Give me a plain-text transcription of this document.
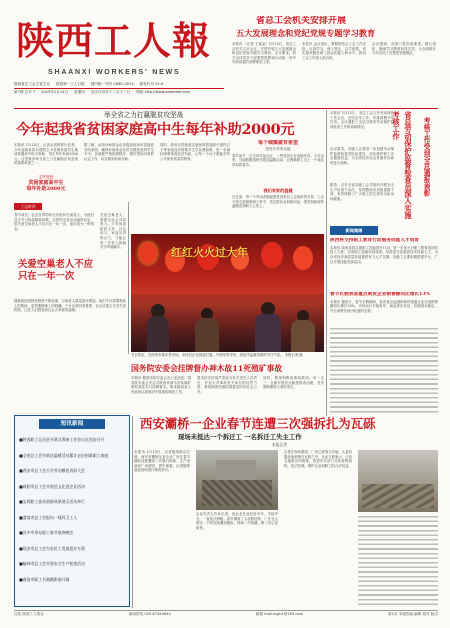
陕西工人報
SHAANXI WORKERS' NEWS
陕西省总工会主管主办 陕西第一工人日报 国内统一刊号 CN61-0015 邮发代号 51-6
第7期 总号 7 2019年2月14日 星期四 农历戊戌年十二月十二日 网址 http://www.sxworker.com
省总工会机关安排开展
五大发展理念和党纪党规专题学习教育
本报讯 （记者 王某某）2月13日，省总工会机关召开会议，安排开展五大发展理念和党纪党规专题学习教育。会议要求，机关全体党员干部要把思想和行动统一到中央和省委的部署要求上来。
本报讯 会议指出，要紧密结合工会工作实际，认真学习，深入领会，以学促做，切实提高服务职工群众的能力和水平，推动工会工作再上新台阶。
会议强调，各部门要高度重视，精心组织，确保学习教育取得实效，为全面做好今年各项工作提供坚强保证。
举全省之力打赢脱贫攻坚战
今年起我省贫困家庭高中生每年补助2000元
本报讯 2月13日，记者从省教育厅获悉，今年起我省将对建档立卡贫困家庭学生就读普通高中给予资助，每生每年补助2000元。这是我省举全省之力打赢脱贫攻坚战的重要举措之一。
文件链接
贫困家庭高中生
每年补助2000元
据了解，此项补助资金由省级财政和市县财政共同承担，确保补助资金及时足额发放到学生手中。各地要严格按照程序，做好资助对象的认定工作，切实做到应助尽助。
同时，我省还将继续实施免除普通高中建档立卡等家庭经济困难学生学杂费政策，进一步减轻困难家庭经济负担，让每一个孩子都能享有公平而有质量的教育。
每个城镇就有希望
感受年货的乐趣
春节前夕，在宝鸡市某社区，一些居民正在选购年货。今年以来，当地积极组织开展送温暖活动，让困难职工过上一个欢乐祥和的春节。
我们有家的温暖
在这里，每一个劳动者都能感受到来自工会组织的关怀。工会干部走进困难职工家中，送去慰问金和慰问品，把党和政府的温暖送到职工心坎上。
本报讯 2月12日，省总工会召开劳动保护工作会议，总结去年工作，安排部署今年任务。会议通报了全总对我省劳动保护监督检查工作的表彰情况。
会议要求，各级工会要进一步加强劳动保护监督检查员队伍建设，切实维护职工安全健康权益，为全省经济社会发展作出新的更大贡献。
据悉，去年全省各级工会共组织开展安全生产检查千余次，发现整改各类隐患数千项，有效保障了广大职工的生命安全和身体健康。	省总劳动保护监督检查员深入实施考核工作	考核工作受到全总通报表彰
工运时评
春节前后，社会各界纷纷走访慰问空巢老人，为他们送去节日的温暖和问候。这样的关爱活动值得肯定，但关爱空巢老人不应只在一年一次，而应成为一种常态。
关爱空巢老人不应只在一年一次
随着我国老龄化程度不断加深，空巢老人数量逐年增加。他们不仅需要物质上的帮助，更需要精神上的慰藉。子女应常回家看看，社区应建立长效关爱机制，让老人们感受到社会大家庭的温暖。
关爱空巢老人，需要全社会共同努力。只有形成政府主导、社会参与、家庭尽责的合力，才能让每一位老人都能安享幸福晚年。	红红火火过大年
节日将至，在西安市某年货市场，市民们正在挑选灯笼、中国结等年货，到处洋溢着浓浓的节日气氛。 本报记者 摄
国务院安委会挂牌督办神木故11死殖矿事故
本报讯 据国务院安委会办公室消息，国务院安委会决定对陕西省神木市某煤矿事故查处实行挂牌督办。要求陕西省人民政府认真组织开展事故调查工作。
要求依法依规严肃追究有关责任人的责任，并加大对事故有关单位的处罚力度。事故调查处理结果要及时向社会公开。
同时，要深刻吸取事故教训，举一反三，全面开展安全隐患排查治理，坚决遏制重特大事故发生。
新闻集锦
陕西将支持职工教育行动服务技能人才培育
本报讯 陕西省将实施职工技能提升行动，进一步加大对职工教育培训的投入力度，完善职工技能培训体系，培养更多高素质技术技能人才，为全省经济高质量发展提供有力人才支撑。各级工会要积极搭建平台，广泛开展技能竞赛活动。
春节长假我省重点商贸企业销售额同比增长13%
本报讯 据统计，春节长假期间，我省重点监测的商贸流通企业实现销售额同比增长13%，市场运行平稳有序，商品供应充足，价格基本稳定，节日消费呈现出旺盛的态势。
短讯新闻
■陕西职工运动会开幕式筹备工作会议在西安召开
■全省总工会节前送温暖活动累计走访困难职工家庭
■西安市总工会召开劳动模范表彰大会
■咸阳市总工会开展送文化进企业活动
■宝鸡职工技术创新成果展示活动举行
■渭南市总工会慰问一线环卫工人
■汉中市举办职工春节联欢晚会
■延安市总工会为农民工发放返乡车票
■榆林市总工会开展安全生产检查活动
■商洛市职工书画摄影展开幕
西安灞桥一企业春节连遭三次强拆扎为瓦砾
现场未抵达一个拆迁工 一名拆迁工失主工作
本报记者
本报讯 2月13日，记者接到群众反映，西安市灞桥区某企业厂房在春节期间连续遭到三次强行拆除，生产设备和厂房被毁，损失惨重。记者随即赶赴现场进行调查采访。
企业负责人告诉记者，该企业在此经营多年，手续齐全，一直依法纳税。春节期间工人放假回家，厂区无人值守，不料连续遭到强拆，现场一片狼藉，职工们心急如焚。
记者在现场看到，厂房已被夷为平地，大量机器设备被埋在瓦砾之中。企业方面表示，已向当地派出所报案，希望有关部门尽快查明真相，依法处理，维护企业和职工的合法权益。
社址 陕西工人报社	新闻热线 029-87344644	邮箱 mail.sxgh1@163.com	第1页 本版责编 编辑 校对 版式
